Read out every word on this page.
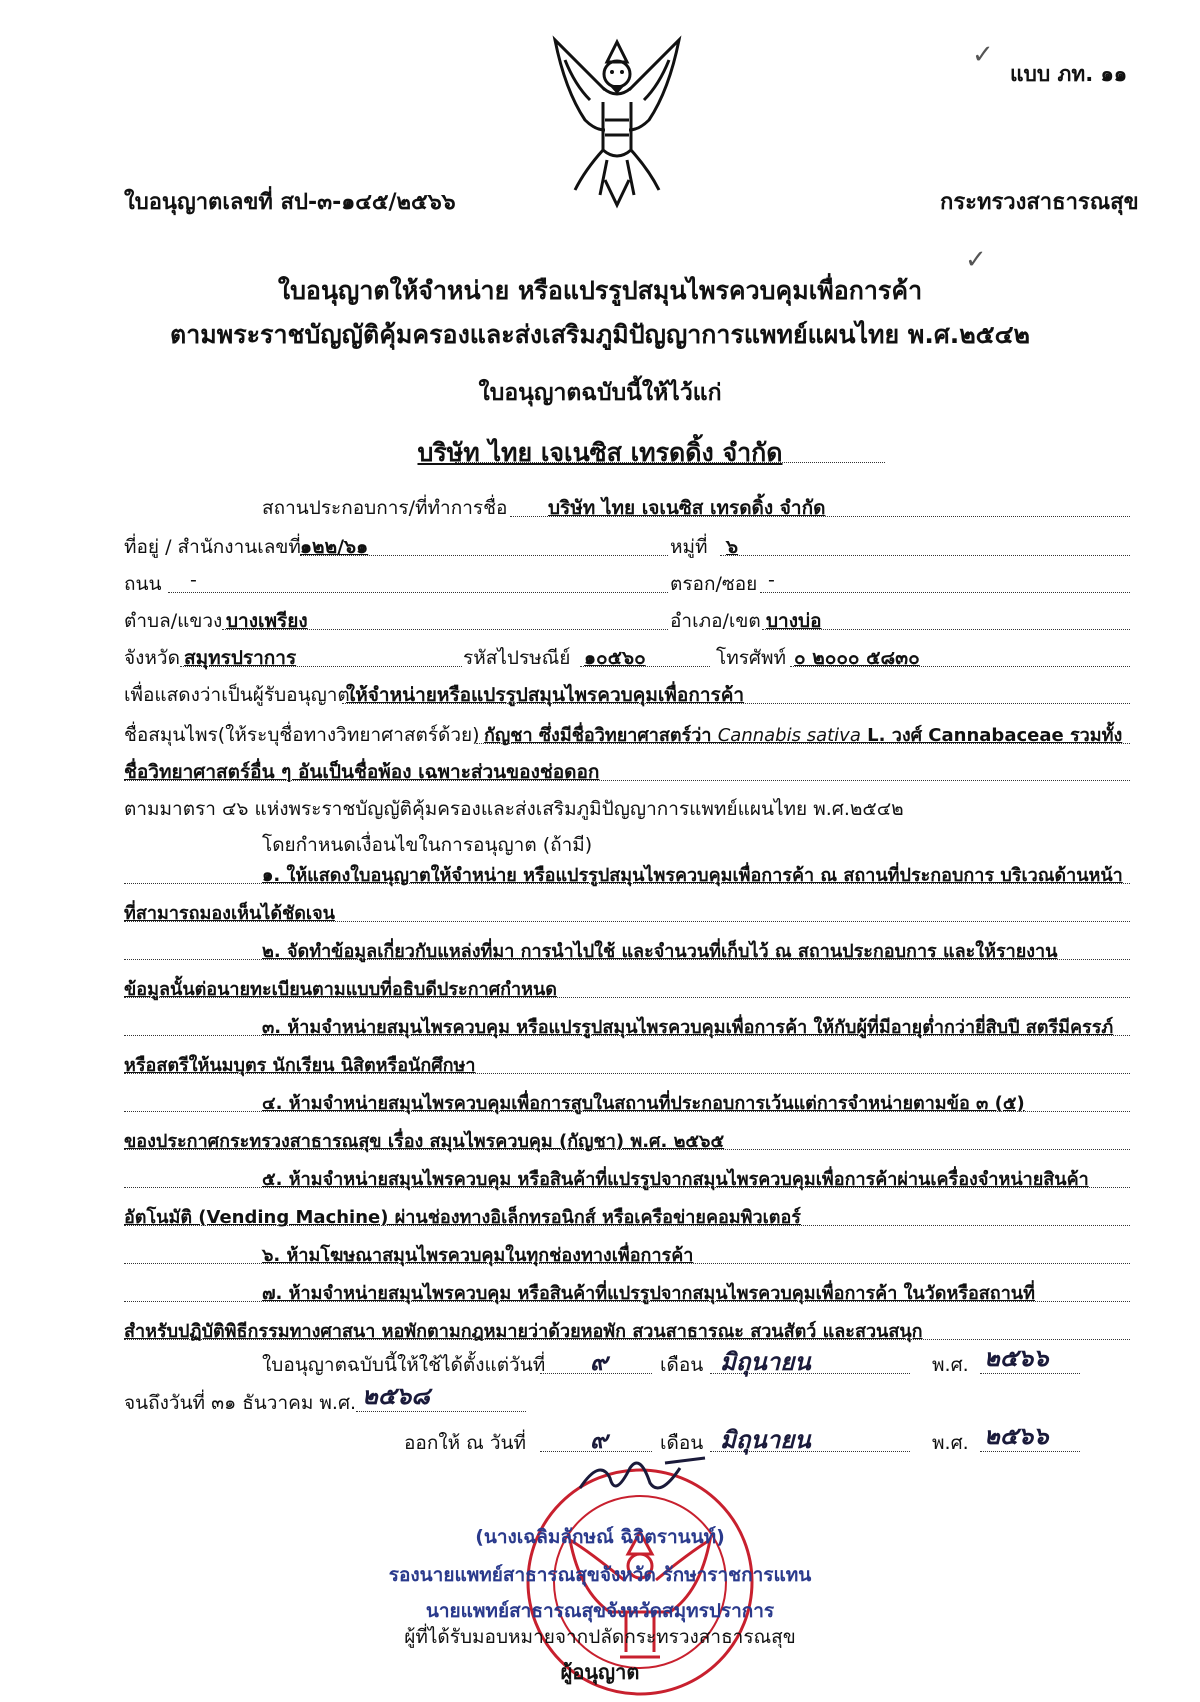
✓
✓
แบบ ภท. ๑๑
ใบอนุญาตเลขที่ สป-๓-๑๔๕/๒๕๖๖	กระทรวงสาธารณสุข
ใบอนุญาตให้จำหน่าย หรือแปรรูปสมุนไพรควบคุมเพื่อการค้า
ตามพระราชบัญญัติคุ้มครองและส่งเสริมภูมิปัญญาการแพทย์แผนไทย พ.ศ.๒๕๔๒
ใบอนุญาตฉบับนี้ให้ไว้แก่
บริษัท ไทย เจเนซิส เทรดดิ้ง จำกัด
สถานประกอบการ/ที่ทำการชื่อ บริษัท ไทย เจเนซิส เทรดดิ้ง จำกัด
ที่อยู่ / สำนักงานเลขที่ ๑๒๒/๖๑	หมู่ที่ ๖
ถนน -	ตรอก/ซอย -
ตำบล/แขวง บางเพรียง	อำเภอ/เขต บางบ่อ
จังหวัด สมุทรปราการ	รหัสไปรษณีย์ ๑๐๕๖๐	โทรศัพท์ ๐ ๒๐๐๐ ๕๘๓๐
เพื่อแสดงว่าเป็นผู้รับอนุญาต
ให้จำหน่ายหรือแปรรูปสมุนไพรควบคุมเพื่อการค้า
ชื่อสมุนไพร(ให้ระบุชื่อทางวิทยาศาสตร์ด้วย) กัญชา ซึ่งมีชื่อวิทยาศาสตร์ว่า Cannabis sativa L. วงศ์ Cannabaceae รวมทั้ง
ชื่อวิทยาศาสตร์อื่น ๆ อันเป็นชื่อพ้อง เฉพาะส่วนของช่อดอก
ตามมาตรา ๔๖ แห่งพระราชบัญญัติคุ้มครองและส่งเสริมภูมิปัญญาการแพทย์แผนไทย พ.ศ.๒๕๔๒
โดยกำหนดเงื่อนไขในการอนุญาต (ถ้ามี)
๑. ให้แสดงใบอนุญาตให้จำหน่าย หรือแปรรูปสมุนไพรควบคุมเพื่อการค้า ณ สถานที่ประกอบการ บริเวณด้านหน้า
ที่สามารถมองเห็นได้ชัดเจน
๒. จัดทำข้อมูลเกี่ยวกับแหล่งที่มา การนำไปใช้ และจำนวนที่เก็บไว้ ณ สถานประกอบการ และให้รายงาน
ข้อมูลนั้นต่อนายทะเบียนตามแบบที่อธิบดีประกาศกำหนด
๓. ห้ามจำหน่ายสมุนไพรควบคุม หรือแปรรูปสมุนไพรควบคุมเพื่อการค้า ให้กับผู้ที่มีอายุต่ำกว่ายี่สิบปี สตรีมีครรภ์
หรือสตรีให้นมบุตร นักเรียน นิสิตหรือนักศึกษา
๔. ห้ามจำหน่ายสมุนไพรควบคุมเพื่อการสูบในสถานที่ประกอบการเว้นแต่การจำหน่ายตามข้อ ๓ (๕)
ของประกาศกระทรวงสาธารณสุข เรื่อง สมุนไพรควบคุม (กัญชา) พ.ศ. ๒๕๖๕
๕. ห้ามจำหน่ายสมุนไพรควบคุม หรือสินค้าที่แปรรูปจากสมุนไพรควบคุมเพื่อการค้าผ่านเครื่องจำหน่ายสินค้า
อัตโนมัติ (Vending Machine) ผ่านช่องทางอิเล็กทรอนิกส์ หรือเครือข่ายคอมพิวเตอร์
๖. ห้ามโฆษณาสมุนไพรควบคุมในทุกช่องทางเพื่อการค้า
๗. ห้ามจำหน่ายสมุนไพรควบคุม หรือสินค้าที่แปรรูปจากสมุนไพรควบคุมเพื่อการค้า ในวัดหรือสถานที่
สำหรับปฏิบัติพิธีกรรมทางศาสนา หอพักตามกฎหมายว่าด้วยหอพัก สวนสาธารณะ สวนสัตว์ และสวนสนุก
ใบอนุญาตฉบับนี้ให้ใช้ได้ตั้งแต่วันที่ ๙	เดือน มิถุนายน	พ.ศ. ๒๕๖๖
จนถึงวันที่ ๓๑ ธันวาคม พ.ศ. ๒๕๖๘
ออกให้ ณ วันที่	๙	เดือน มิถุนายน	พ.ศ. ๒๕๖๖
(นางเฉลิมลักษณ์ ฉิจิตรานนท์)
รองนายแพทย์สาธารณสุขจังหวัด รักษาราชการแทน
นายแพทย์สาธารณสุขจังหวัดสมุทรปราการ
ผู้ที่ได้รับมอบหมายจากปลัดกระทรวงสาธารณสุข
ผู้อนุญาต
